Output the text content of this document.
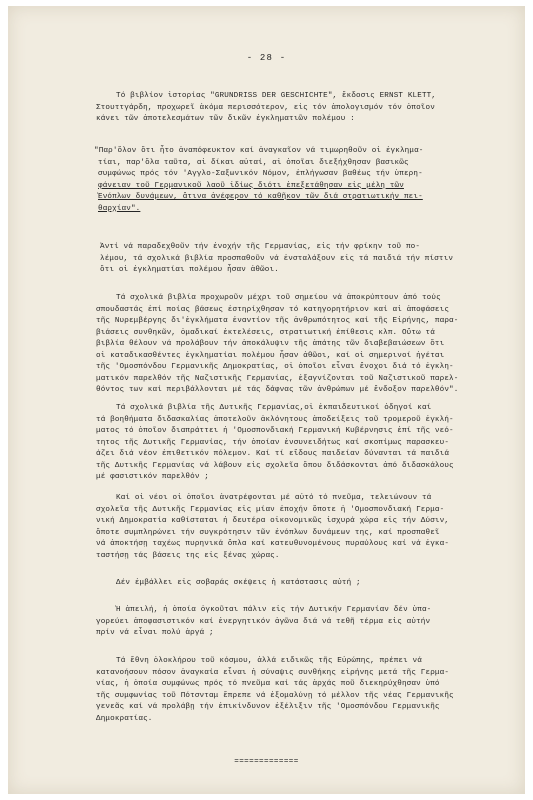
- 28 -
Τό βιβλίον ἱστορίας "GRUNDRISS DER GESCHICHTE", ἔκδοσις ERNST KLETT,
Στουττγάρδη, προχωρεῖ ἀκόμα περισσότερον, εἰς τόν ἀπολογισμόν τόν ὁποῖον
κάνει τῶν ἀποτελεσμάτων τῶν δικῶν ἐγκληματιῶν πολέμου :
"Παρ'ὅλον ὅτι ἦτο ἀναπόφευκτον καί ἀναγκαῖον νά τιμωρηθοῦν οἱ ἐγκλημα-
τίαι, παρ'ὅλα ταῦτα, αἱ δίκαι αὐταί, αἱ ὁποῖαι διεξήχθησαν βασικῶς
συμφώνως πρός τόν 'Αγγλο-Σαξωνικόν Νόμον, ἐπλήγωσαν βαθέως τήν ὑπερη-
φάνειαν τοῦ Γερμανικοῦ λαοῦ ἰδίως διότι ἐπεξετάθησαν εἰς μέλη τῶν
Ἐνόπλων δυνάμεων, ἅτινα ἀνέφερον τό καθῆκον τῶν διά στρατιωτικήν πει-
θαρχίαν".
Ἀντί νά παραδεχθοῦν τήν ἐνοχήν τῆς Γερμανίας, εἰς τήν φρίκην τοῦ πο-
λέμου, τά σχολικά βιβλία προσπαθοῦν νά ἐνσταλάξουν εἰς τά παιδιά τήν πίστιν
ὅτι οἱ ἐγκληματίαι πολέμου ἦσαν ἀθῶοι.
Τά σχολικά βιβλία προχωροῦν μέχρι τοῦ σημείου νά ἀποκρύπτουν ἀπό τούς
σπουδαστάς ἐπί ποίας βάσεως ἐστηρίχθησαν τό κατηγορητήριον καί αἱ ἀποφάσεις
τῆς Νυρεμβέργης δι'ἐγκλήματα ἐναντίον τῆς ἀνθρωπότητος καί τῆς Εἰρήνης, παρα-
βιάσεις συνθηκῶν, ὁμαδικαί ἐκτελέσεις, στρατιωτική ἐπίθεσις κλπ. Οὕτω τά
βιβλία θέλουν νά προλάβουν τήν ἀποκάλυψιν τῆς ἀπάτης τῶν διαβεβαιώσεων ὅτι
οἱ καταδικασθέντες ἐγκληματίαι πολέμου ἦσαν ἀθῶοι, καί οἱ σημερινοί ἡγέται
τῆς 'Ομοσπόνδου Γερμανικῆς Δημοκρατίας, οἱ ὁποῖοι εἶναι ἔνοχοι διά τό ἐγκλη-
ματικόν παρελθόν τῆς Ναζιστικῆς Γερμανίας, ἐξαγνίζονται τοῦ Ναζιστικοῦ παρελ-
θόντος των καί περιβάλλονται μέ τάς δάφνας τῶν ἀνθρώπων μέ ἔνδοξον παρελθόν".
Τά σχολικά βιβλία τῆς Δυτικῆς Γερμανίας,οἱ ἐκπαιδευτικοί ὁδηγοί καί
τά βοηθήματα διδασκαλίας ἀποτελοῦν ἀκλόνητους ἀποδείξεις τοῦ τρομεροῦ ἐγκλή-
ματος τό ὁποῖον διαπράττει ἡ 'Ομοσπονδιακή Γερμανική Κυβέρνησις ἐπί τῆς νεό-
τητος τῆς Δυτικῆς Γερμανίας, τήν ὁποίαν ἐνσυνειδήτως καί σκοπίμως παρασκευ-
άζει διά νέον ἐπιθετικόν πόλεμον. Καί τί εἴδους παιδείαν δύνανται τά παιδιά
τῆς Δυτικῆς Γερμανίας νά λάβουν εἰς σχολεῖα ὅπου διδάσκονται ἀπό διδασκάλους
μέ φασιστικόν παρελθόν ;
Καί οἱ νέοι οἱ ὁποῖοι ἀνατρέφονται μέ αὐτό τό πνεῦμα, τελειώνουν τά
σχολεῖα τῆς Δυτικῆς Γερμανίας εἰς μίαν ἐποχήν ὅποτε ἡ 'Ομοσπονδιακή Γερμα-
νική Δημοκρατία καθίσταται ἡ δευτέρα οἰκονομικῶς ἰσχυρά χώρα εἰς τήν Δύσιν,
ὅποτε συμπληρώνει τήν συγκρότησιν τῶν ἐνόπλων δυνάμεων της, καί προσπαθεῖ
νά ἀποκτήσῃ ταχέως πυρηνικά ὅπλα καί κατευθυνομένους πυραύλους καί νά ἐγκα-
ταστήσῃ τάς βάσεις της εἰς ξένας χώρας.
Δέν ἐμβάλλει εἰς σοβαράς σκέψεις ἡ κατάστασις αὐτή ;
Ἡ ἀπειλή, ἡ ὁποία ὀγκοῦται πάλιν εἰς τήν Δυτικήν Γερμανίαν δέν ὑπα-
γορεύει ἀποφασιστικόν καί ἐνεργητικόν ἀγῶνα διά νά τεθῆ τέρμα εἰς αὐτήν
πρίν νά εἶναι πολύ ἀργά ;
Τά ἔθνη ὁλοκλήρου τοῦ κόσμου, ἀλλά ειδικῶς τῆς Εὐρώπης, πρέπει νά
κατανοήσουν πόσον ἀναγκαία εἶναι ἡ σύναψις συνθήκης εἰρήνης μετά τῆς Γερμα-
νίας, ἡ ὁποία συμφώνως πρός τό πνεῦμα καί τάς ἀρχάς ποῦ διεκηρύχθησαν ὑπό
τῆς συμφωνίας τοῦ Πότσνταμ ἔπρεπε νά ἐξομαλύνῃ τό μέλλον τῆς νέας Γερμανικῆς
γενεᾶς καί νά προλάβῃ τήν ἐπικίνδυνον ἐξέλιξιν τῆς 'Ομοσπόνδου Γερμανικῆς
Δημοκρατίας.
=============
